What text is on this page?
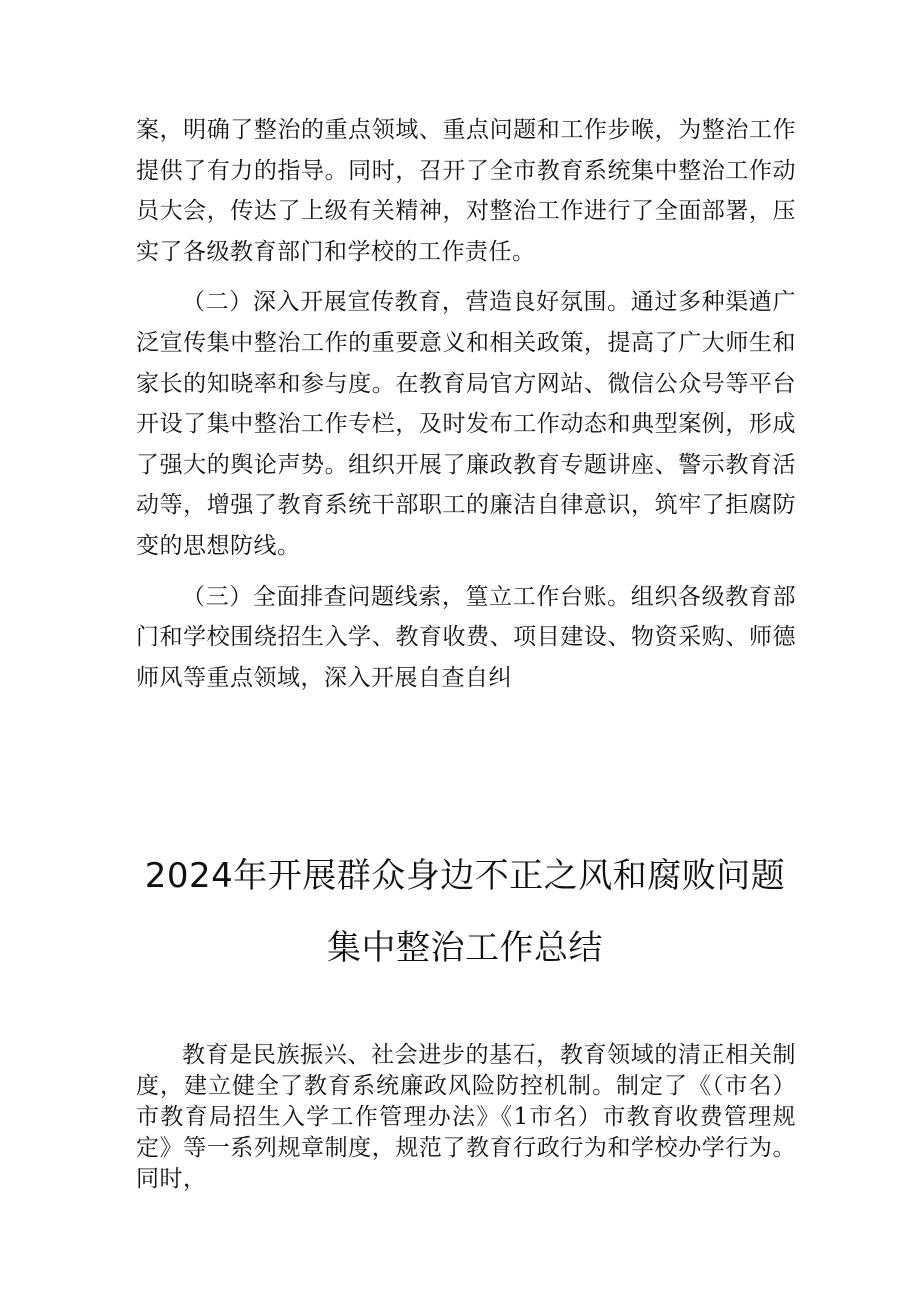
案，明确了整治的重点领域、重点问题和工作步喉，为整治工作提供了有力的指导。同时，召开了全市教育系统集中整治工作动员大会，传达了上级有关精神，对整治工作进行了全面部署，压实了各级教育部门和学校的工作责任。

（二）深入开展宣传教育，营造良好氛围。通过多种渠遒广泛宣传集中整治工作的重要意义和相关政策，提高了广大师生和家长的知晓率和参与度。在教育局官方网站、微信公众号等平台开设了集中整治工作专栏，及时发布工作动态和典型案例，形成了强大的舆论声势。组织开展了廉政教育专题讲座、警示教育活动等，增强了教育系统干部职工的廉洁自律意识，筑牢了拒腐防变的思想防线。

（三）全面排查问题线索，篁立工作台账。组织各级教育部门和学校围绕招生入学、教育收费、项目建设、物资采购、师德师风等重点领域，深入开展自查自纠

2024年开展群众身边不正之风和腐败问题
集中整治工作总结

教育是民族振兴、社会进步的基石，教育领域的清正相关制度，建立健全了教育系统廉政风险防控机制。制定了《（市名）市教育局招生入学工作管理办法》《1市名）市教育收费管理规定》等一系列规章制度，规范了教育行政行为和学校办学行为。同时，
